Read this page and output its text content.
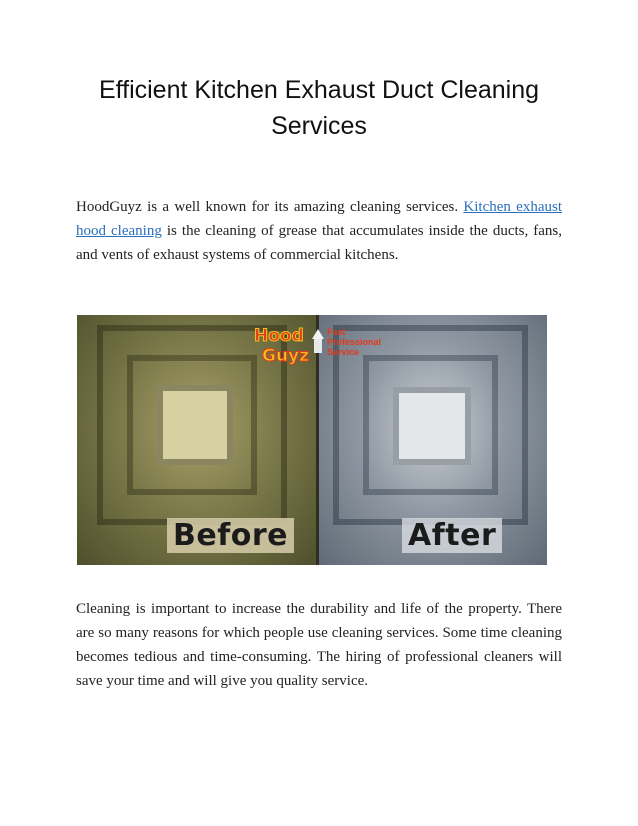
Efficient Kitchen Exhaust Duct Cleaning Services

HoodGuyz is a well known for its amazing cleaning services. Kitchen exhaust hood cleaning is the cleaning of grease that accumulates inside the ducts, fans, and vents of exhaust systems of commercial kitchens.

Hood
Guyz
Fast Professional Service
Before	After

Cleaning is important to increase the durability and life of the property. There are so many reasons for which people use cleaning services. Some time cleaning becomes tedious and time-consuming. The hiring of professional cleaners will save your time and will give you quality service.
